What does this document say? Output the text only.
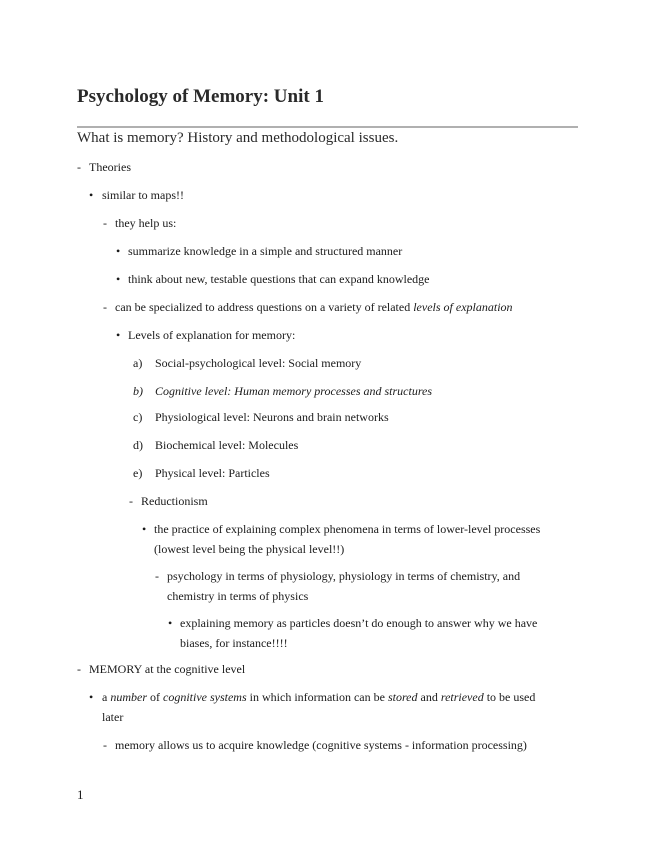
Psychology of Memory: Unit 1

What is memory? History and methodological issues.

- Theories
• similar to maps!!
- they help us:
• summarize knowledge in a simple and structured manner
• think about new, testable questions that can expand knowledge
- can be specialized to address questions on a variety of related levels of explanation
• Levels of explanation for memory:
a) Social-psychological level: Social memory
b) Cognitive level: Human memory processes and structures
c) Physiological level: Neurons and brain networks
d) Biochemical level: Molecules
e) Physical level: Particles
- Reductionism
• the practice of explaining complex phenomena in terms of lower-level processes
(lowest level being the physical level!!)
- psychology in terms of physiology, physiology in terms of chemistry, and
chemistry in terms of physics
• explaining memory as particles doesn’t do enough to answer why we have
biases, for instance!!!!
- MEMORY at the cognitive level
• a number of cognitive systems in which information can be stored and retrieved to be used
later
- memory allows us to acquire knowledge (cognitive systems - information processing)
1
